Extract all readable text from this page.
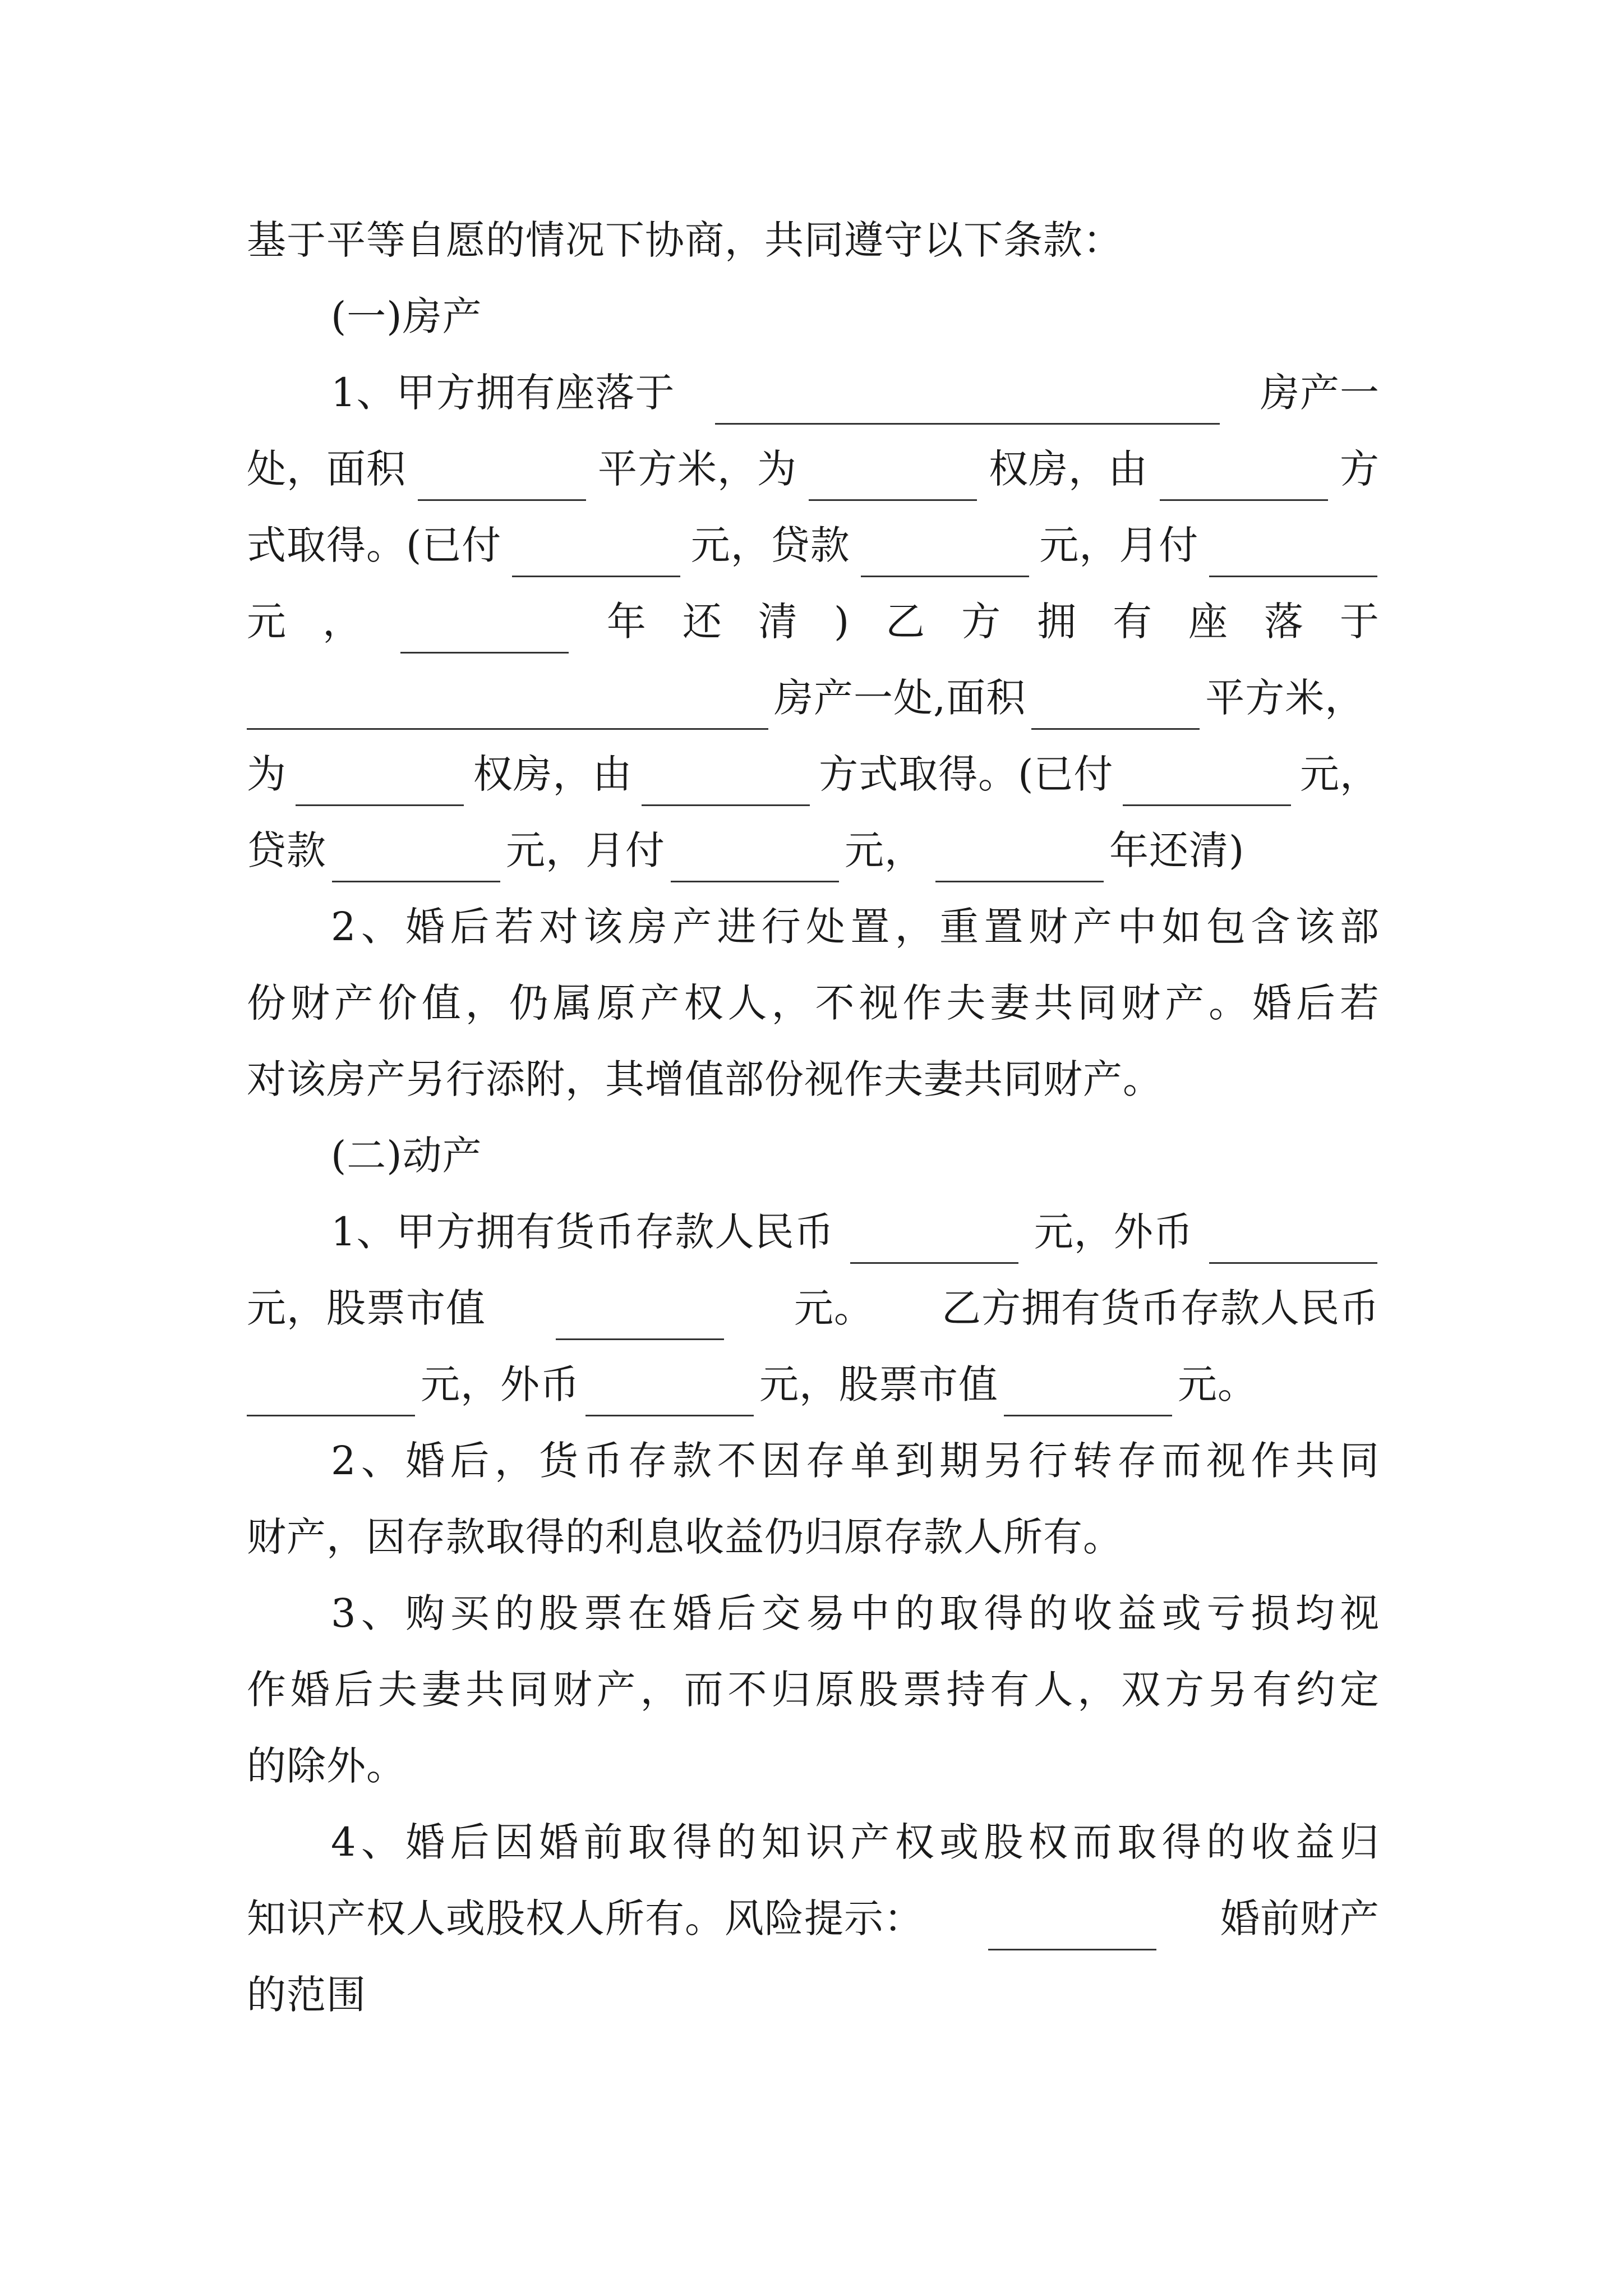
基于平等自愿的情况下协商，共同遵守以下条款：
(一)房产
1、甲方拥有座落于	房产一
处，面积	平方米，为	权房，由	方
式取得。(已付	元，贷款	元，月付
元 ，	年 还 清 ) 乙 方 拥 有 座 落 于
房产一处,面积	平方米，
为	权房，由	方式取得。(已付	元，
贷款	元，月付	元，	年还清)
2、婚后若对该房产进行处置，重置财产中如包含该部
份财产价值，仍属原产权人，不视作夫妻共同财产。婚后若
对该房产另行添附，其增值部份视作夫妻共同财产。
(二)动产
1、甲方拥有货币存款人民币	元，外币
元，股票市值	元。 乙方拥有货币存款人民币
元，外币	元，股票市值	元。
2、婚后，货币存款不因存单到期另行转存而视作共同
财产，因存款取得的利息收益仍归原存款人所有。
3、购买的股票在婚后交易中的取得的收益或亏损均视
作婚后夫妻共同财产，而不归原股票持有人，双方另有约定
的除外。
4、婚后因婚前取得的知识产权或股权而取得的收益归
知识产权人或股权人所有。风险提示：	婚前财产
的范围
